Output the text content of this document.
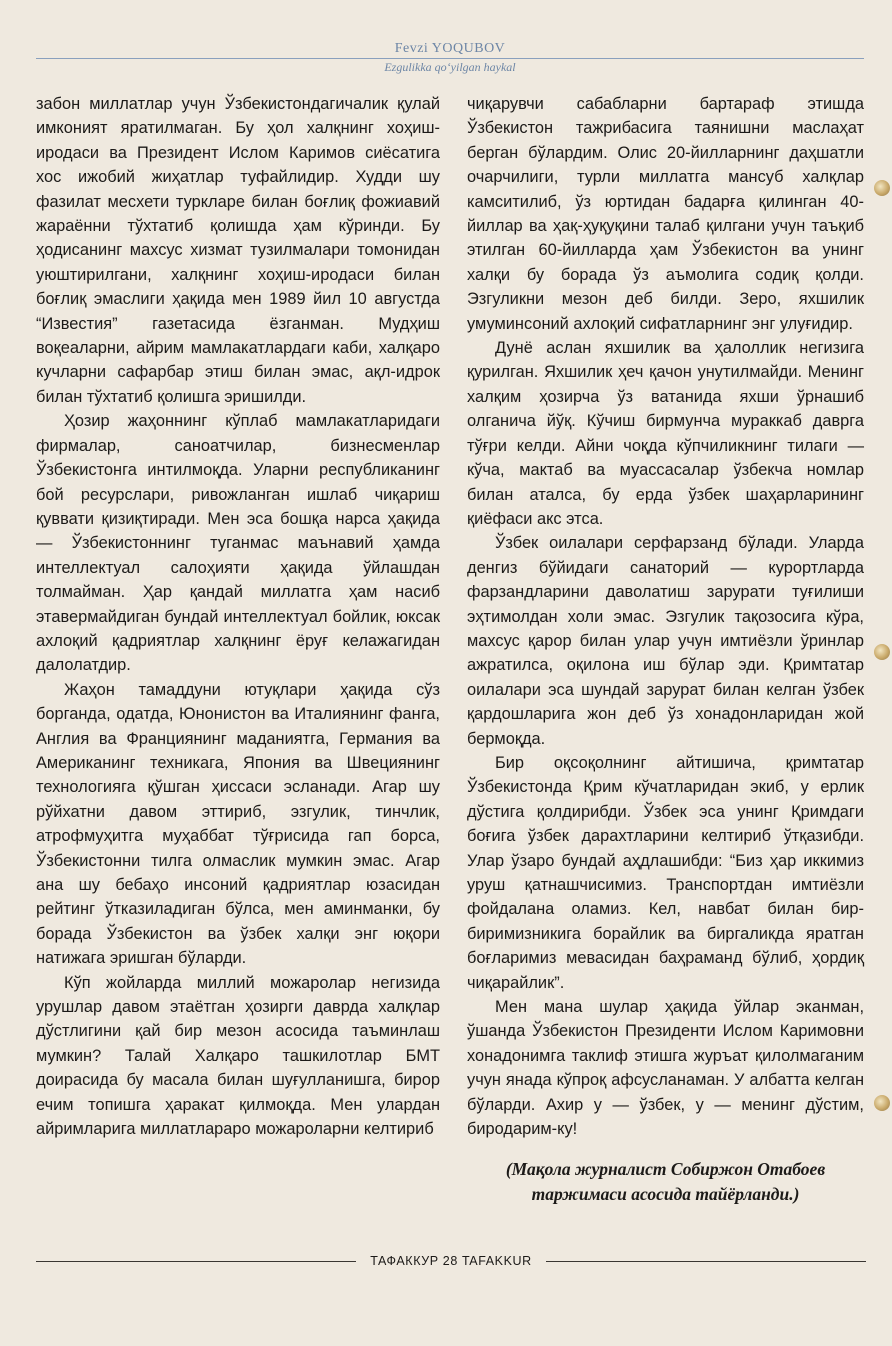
Fevzi YOQUBOV
Ezgulikka qo‘yilgan haykal

забон миллатлар учун Ўзбекистондагичалик қулай имконият яратилмаган. Бу ҳол халқнинг хоҳиш-иродаси ва Президент Ислом Каримов сиёсатига хос ижобий жиҳатлар туфайлидир. Худди шу фазилат месхети туркларе билан боғлиқ фожиавий жараённи тўхтатиб қолишда ҳам кўринди. Бу ҳодисанинг махсус хизмат тузилмалари томонидан уюштирилгани, халқнинг хоҳиш-иродаси билан боғлиқ эмаслиги ҳақида мен 1989 йил 10 августда “Известия” газетасида ёзганман. Мудҳиш воқеаларни, айрим мамлакатлардаги каби, халқаро кучларни сафарбар этиш билан эмас, ақл-идрок билан тўхтатиб қолишга эришилди.

Ҳозир жаҳоннинг кўплаб мамлакатларидаги фирмалар, саноатчилар, бизнесменлар Ўзбекистонга интилмоқда. Уларни республиканинг бой ресурслари, ривожланган ишлаб чиқариш қуввати қизиқтиради. Мен эса бошқа нарса ҳақида — Ўзбекистоннинг туганмас маънавий ҳамда интеллектуал салоҳияти ҳақида ўйлашдан толмайман. Ҳар қандай миллатга ҳам насиб этавермайдиган бундай интеллектуал бойлик, юксак ахлоқий қадриятлар халқнинг ёруғ келажагидан далолатдир.

Жаҳон тамаддуни ютуқлари ҳақида сўз борганда, одатда, Юнонистон ва Италиянинг фанга, Англия ва Франциянинг маданиятга, Германия ва Американинг техникага, Япония ва Швециянинг технологияга қўшган ҳиссаси эсланади. Агар шу рўйхатни давом эттириб, эзгулик, тинчлик, атрофмуҳитга муҳаббат тўғрисида гап борса, Ўзбекистонни тилга олмаслик мумкин эмас. Агар ана шу бебаҳо инсоний қадриятлар юзасидан рейтинг ўтказиладиган бўлса, мен аминманки, бу борада Ўзбекистон ва ўзбек халқи энг юқори натижага эришган бўларди.

Кўп жойларда миллий можаролар негизида урушлар давом этаётган ҳозирги даврда халқлар дўстлигини қай бир мезон асосида таъминлаш мумкин? Талай Халқаро ташкилотлар БМТ доирасида бу масала билан шуғулланишга, бирор ечим топишга ҳаракат қилмоқда. Мен улардан айримларига миллатлараро можароларни келтириб

чиқарувчи сабабларни бартараф этишда Ўзбекистон тажрибасига таянишни маслаҳат берган бўлардим. Олис 20-йилларнинг даҳшатли очарчилиги, турли миллатга мансуб халқлар камситилиб, ўз юртидан бадарға қилинган 40-йиллар ва ҳақ-ҳуқуқини талаб қилгани учун таъқиб этилган 60-йилларда ҳам Ўзбекистон ва унинг халқи бу борада ўз аъмолига содиқ қолди. Эзгуликни мезон деб билди. Зеро, яхшилик умуминсоний ахлоқий сифатларнинг энг улуғидир.

Дунё аслан яхшилик ва ҳалоллик негизига қурилган. Яхшилик ҳеч қачон унутилмайди. Менинг халқим ҳозирча ўз ватанида яхши ўрнашиб олганича йўқ. Кўчиш бирмунча мураккаб даврга тўғри келди. Айни чоқда кўпчиликнинг тилаги — кўча, мактаб ва муассасалар ўзбекча номлар билан аталса, бу ерда ўзбек шаҳарларининг қиёфаси акс этса.

Ўзбек оилалари серфарзанд бўлади. Уларда денгиз бўйидаги санаторий — курортларда фарзандларини даволатиш зарурати туғилиши эҳтимолдан холи эмас. Эзгулик тақозосига кўра, махсус қарор билан улар учун имтиёзли ўринлар ажратилса, оқилона иш бўлар эди. Қримтатар оилалари эса шундай зарурат билан келган ўзбек қардошларига жон деб ўз хонадонларидан жой бермоқда.

Бир оқсоқолнинг айтишича, қримтатар Ўзбекистонда Қрим кўчатларидан экиб, у ерлик дўстига қолдирибди. Ўзбек эса унинг Қримдаги боғига ўзбек дарахтларини келтириб ўтқазибди. Улар ўзаро бундай аҳдлашибди: “Биз ҳар иккимиз уруш қатнашчисимиз. Транспортдан имтиёзли фойдалана оламиз. Кел, навбат билан бир-биримизникига борайлик ва биргаликда яратган боғларимиз мевасидан баҳраманд бўлиб, ҳордиқ чиқарайлик”.

Мен мана шулар ҳақида ўйлар эканман, ўшанда Ўзбекистон Президенти Ислом Каримовни хонадонимга таклиф этишга журъат қилолмаганим учун янада кўпроқ афсусланаман. У албатта келган бўларди. Ахир у — ўзбек, у — менинг дўстим, биродарим-ку!

(Мақола журналист Собиржон Отабоев таржимаси асосида тайёрланди.)

ТАФАККУР 28 TAFAKKUR
